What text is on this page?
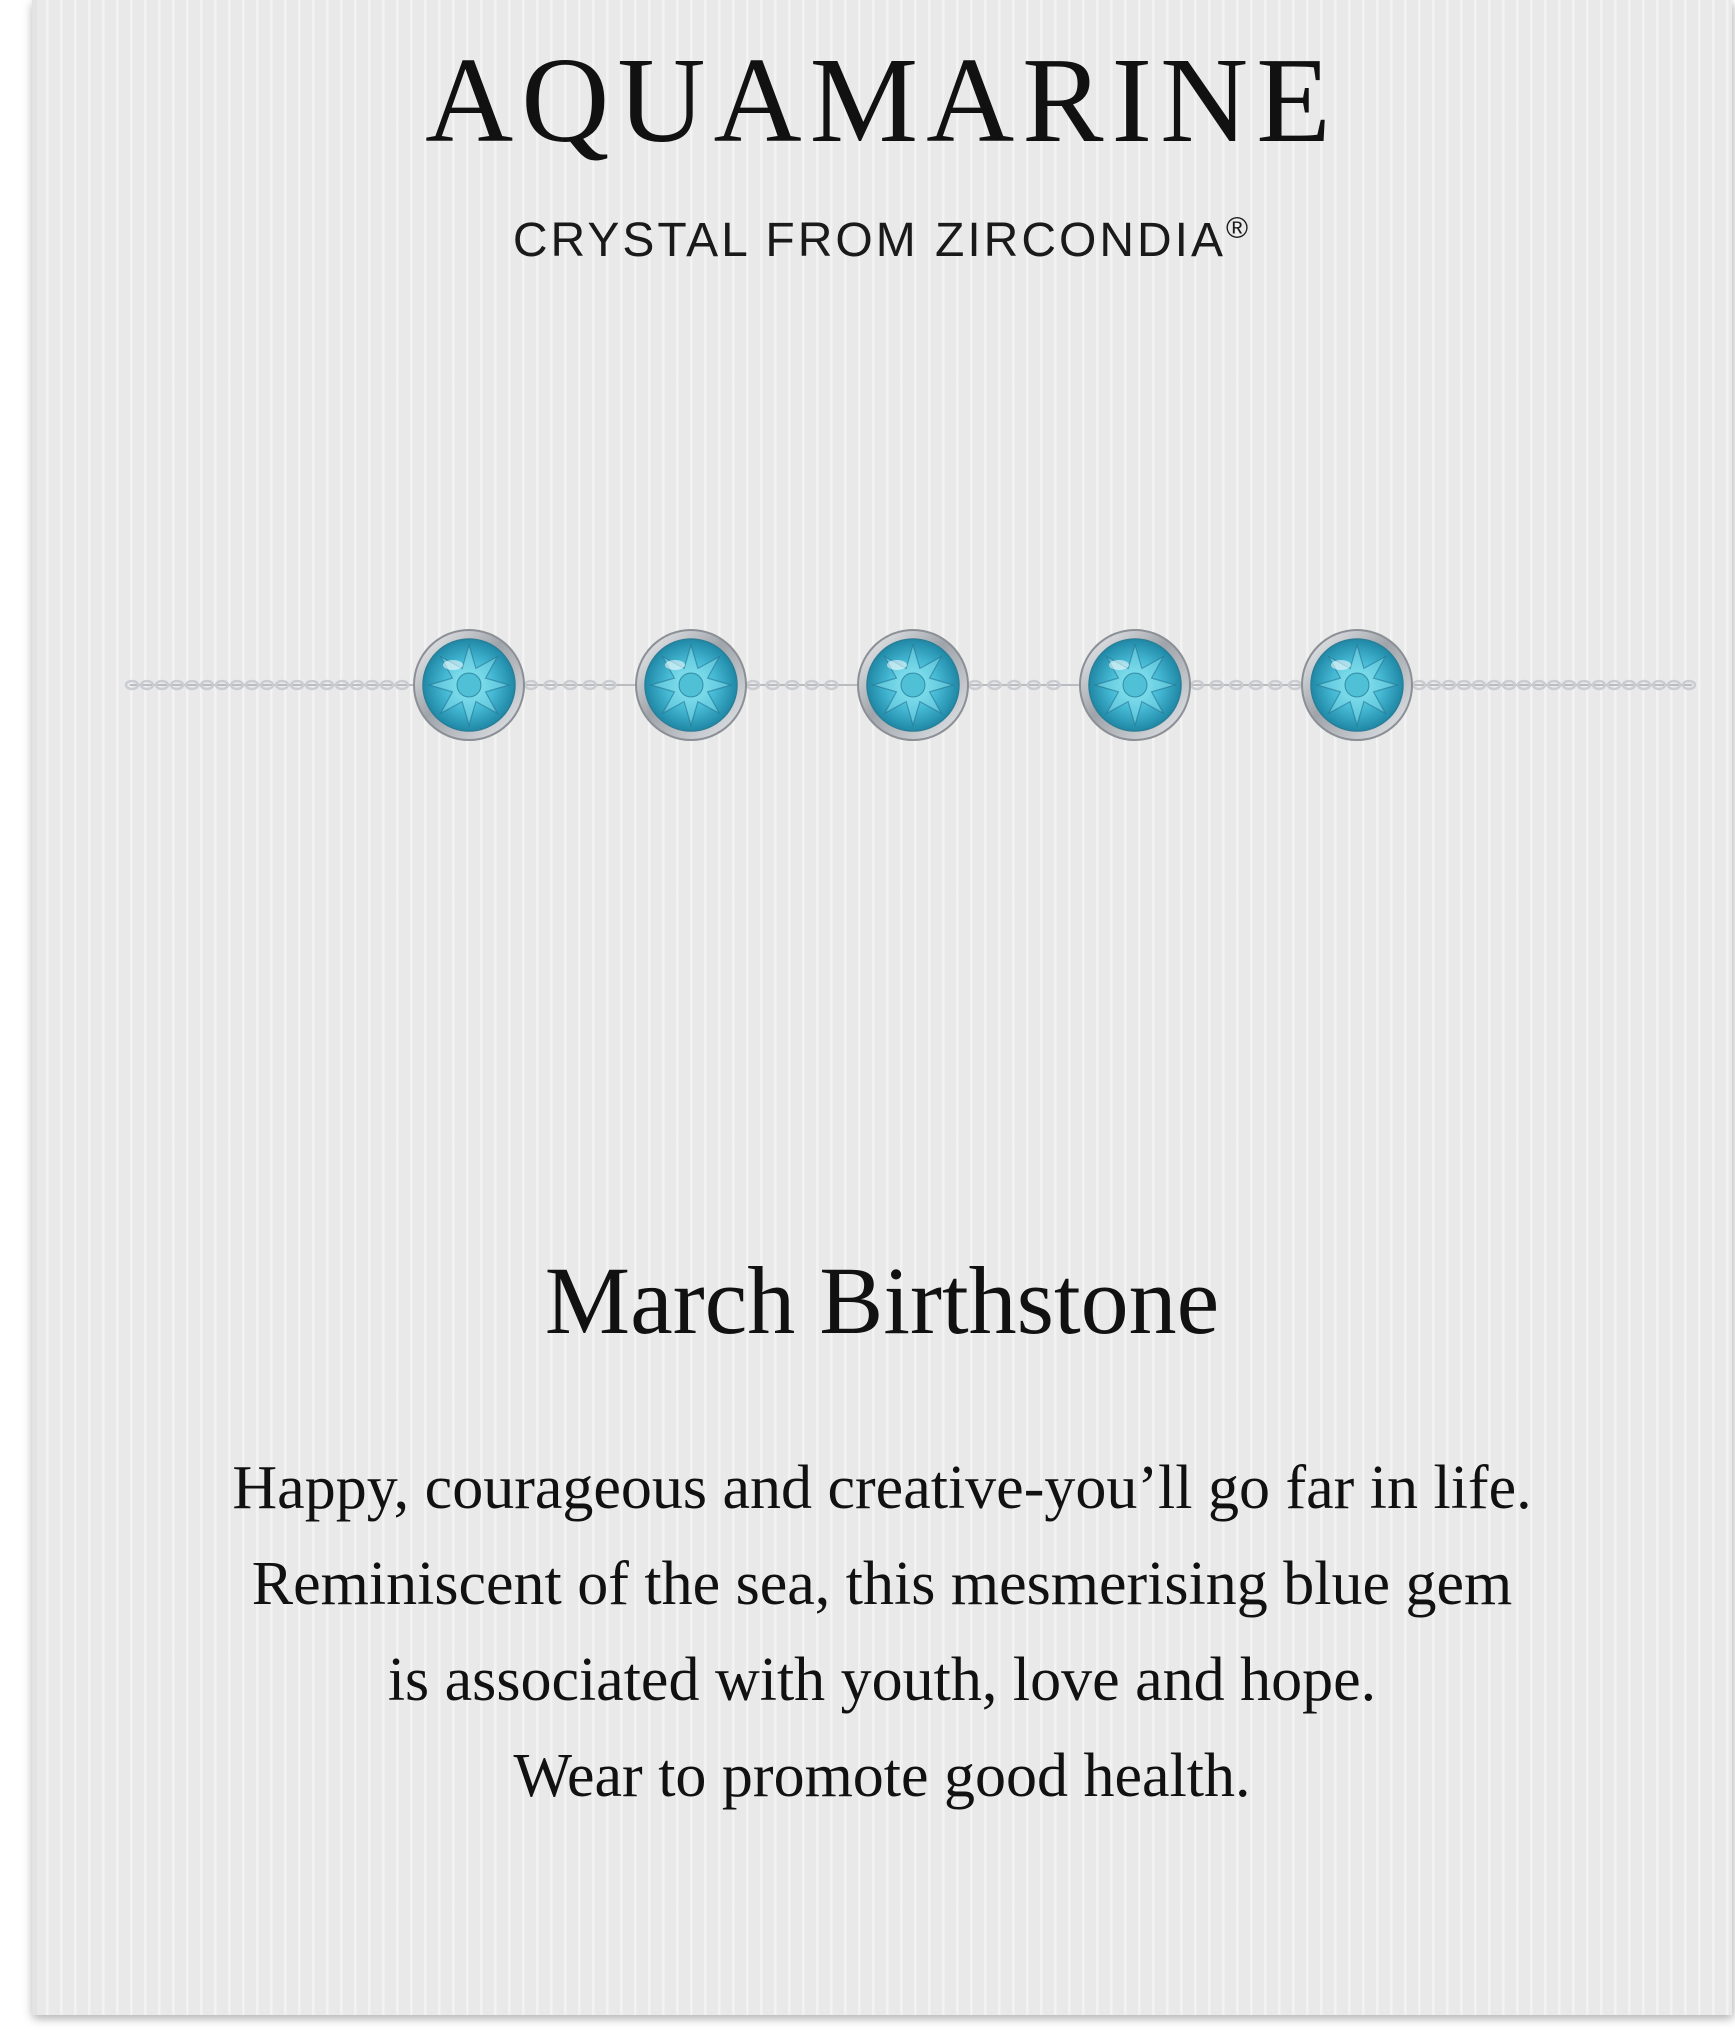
AQUAMARINE
CRYSTAL FROM ZIRCONDIA®
March Birthstone
Happy, courageous and creative-you’ll go far in life.
Reminiscent of the sea, this mesmerising blue gem
is associated with youth, love and hope.
Wear to promote good health.
